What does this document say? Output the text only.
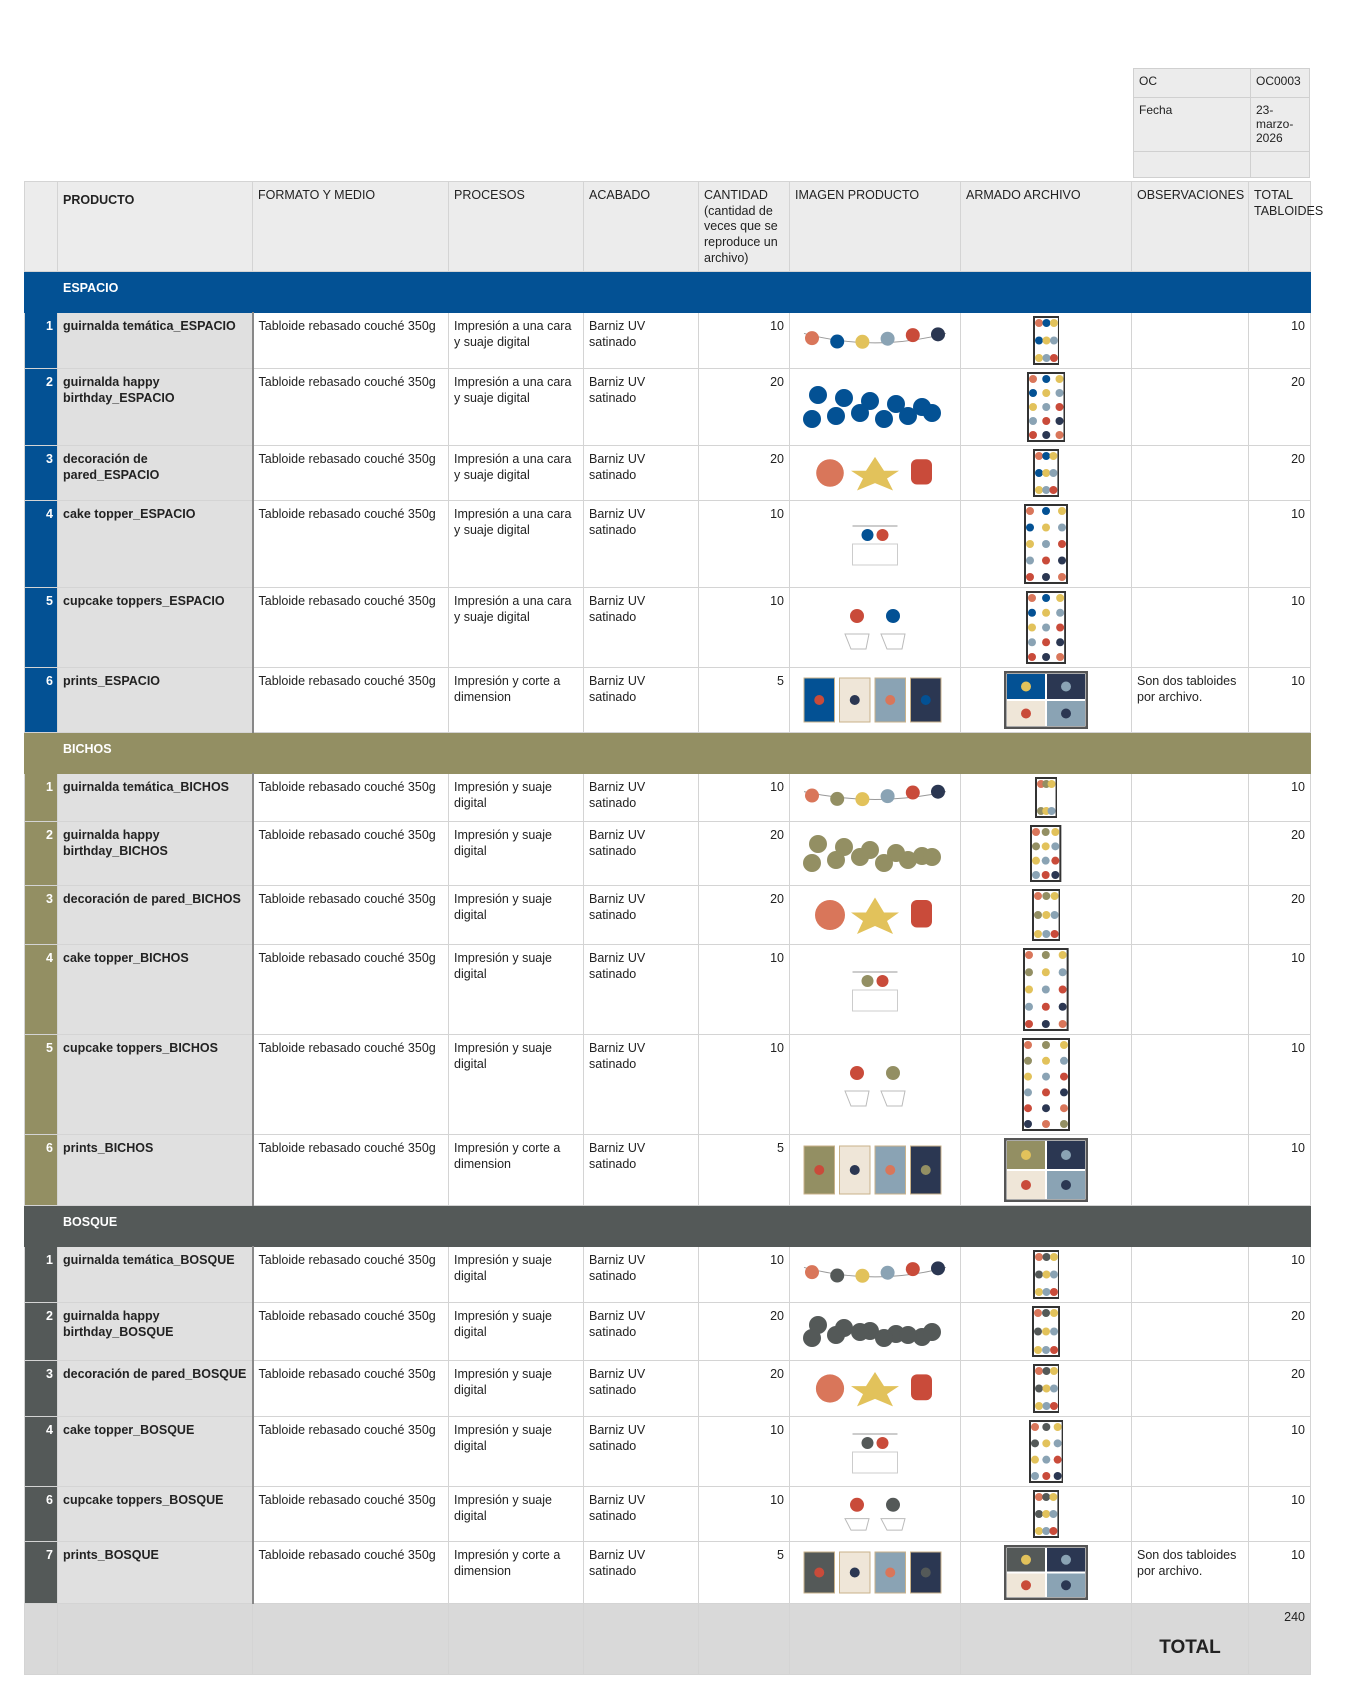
OC	OC0003
Fecha	23-marzo-2026

	PRODUCTO	FORMATO Y MEDIO	PROCESOS	ACABADO	CANTIDAD (cantidad de veces que se reproduce un archivo)	IMAGEN PRODUCTO	ARMADO ARCHIVO	OBSERVACIONES	TOTAL TABLOIDES
	ESPACIO								
1	guirnalda temática_ESPACIO	Tabloide rebasado couché 350g	Impresión a una cara y suaje digital	Barniz UV satinado	10				10
2	guirnalda happy birthday_ESPACIO	Tabloide rebasado couché 350g	Impresión a una cara y suaje digital	Barniz UV satinado	20				20
3	decoración de pared_ESPACIO	Tabloide rebasado couché 350g	Impresión a una cara y suaje digital	Barniz UV satinado	20				20
4	cake topper_ESPACIO	Tabloide rebasado couché 350g	Impresión a una cara y suaje digital	Barniz UV satinado	10				10
5	cupcake toppers_ESPACIO	Tabloide rebasado couché 350g	Impresión a una cara y suaje digital	Barniz UV satinado	10				10
6	prints_ESPACIO	Tabloide rebasado couché 350g	Impresión y corte a dimension	Barniz UV satinado	5			Son dos tabloides por archivo.	10
	BICHOS								
1	guirnalda temática_BICHOS	Tabloide rebasado couché 350g	Impresión y suaje digital	Barniz UV satinado	10				10
2	guirnalda happy birthday_BICHOS	Tabloide rebasado couché 350g	Impresión y suaje digital	Barniz UV satinado	20				20
3	decoración de pared_BICHOS	Tabloide rebasado couché 350g	Impresión y suaje digital	Barniz UV satinado	20				20
4	cake topper_BICHOS	Tabloide rebasado couché 350g	Impresión y suaje digital	Barniz UV satinado	10				10
5	cupcake toppers_BICHOS	Tabloide rebasado couché 350g	Impresión y suaje digital	Barniz UV satinado	10				10
6	prints_BICHOS	Tabloide rebasado couché 350g	Impresión y corte a dimension	Barniz UV satinado	5				10
	BOSQUE								
1	guirnalda temática_BOSQUE	Tabloide rebasado couché 350g	Impresión y suaje digital	Barniz UV satinado	10				10
2	guirnalda happy birthday_BOSQUE	Tabloide rebasado couché 350g	Impresión y suaje digital	Barniz UV satinado	20				20
3	decoración de pared_BOSQUE	Tabloide rebasado couché 350g	Impresión y suaje digital	Barniz UV satinado	20				20
4	cake topper_BOSQUE	Tabloide rebasado couché 350g	Impresión y suaje digital	Barniz UV satinado	10				10
6	cupcake toppers_BOSQUE	Tabloide rebasado couché 350g	Impresión y suaje digital	Barniz UV satinado	10				10
7	prints_BOSQUE	Tabloide rebasado couché 350g	Impresión y corte a dimension	Barniz UV satinado	5			Son dos tabloides por archivo.	10
								TOTAL	240
